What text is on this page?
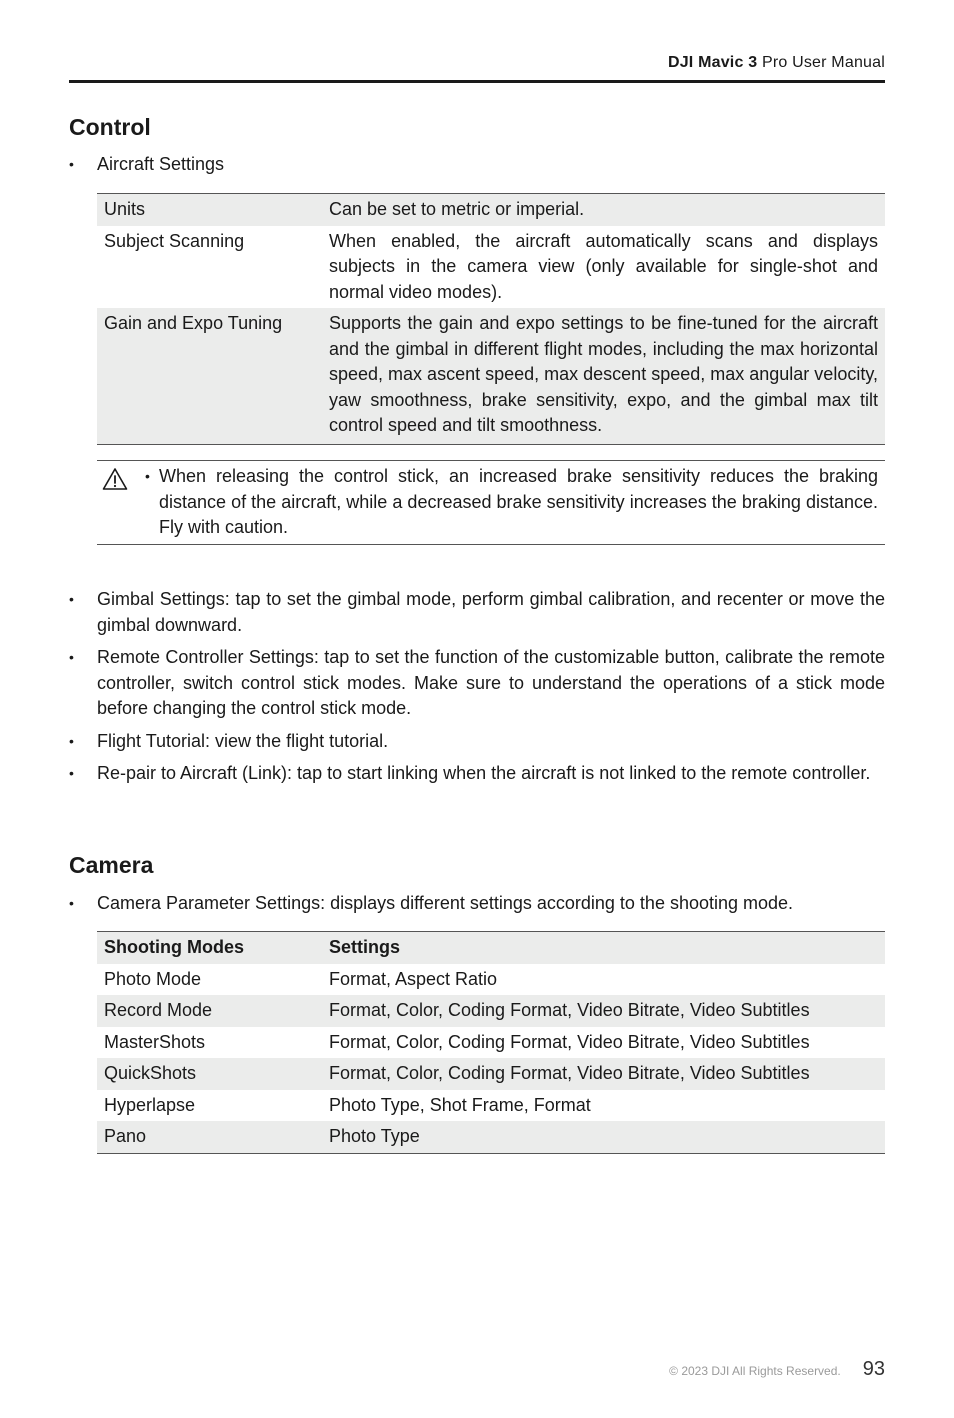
DJI Mavic 3 Pro User Manual
Control
• Aircraft Settings
Units	Can be set to metric or imperial.
Subject Scanning	When enabled, the aircraft automatically scans and displays subjects in the camera view (only available for single-shot and normal video modes).
Gain and Expo Tuning	Supports the gain and expo settings to be fine-tuned for the aircraft and the gimbal in different flight modes, including the max horizontal speed, max ascent speed, max descent speed, max angular velocity, yaw smoothness, brake sensitivity, expo, and the gimbal max tilt control speed and tilt smoothness.
• When releasing the control stick, an increased brake sensitivity reduces the braking distance of the aircraft, while a decreased brake sensitivity increases the braking distance. Fly with caution.
• Gimbal Settings: tap to set the gimbal mode, perform gimbal calibration, and recenter or move the gimbal downward.
• Remote Controller Settings: tap to set the function of the customizable button, calibrate the remote controller, switch control stick modes. Make sure to understand the operations of a stick mode before changing the control stick mode.
• Flight Tutorial: view the flight tutorial.
• Re-pair to Aircraft (Link): tap to start linking when the aircraft is not linked to the remote controller.
Camera
• Camera Parameter Settings: displays different settings according to the shooting mode.
Shooting Modes	Settings
Photo Mode	Format, Aspect Ratio
Record Mode	Format, Color, Coding Format, Video Bitrate, Video Subtitles
MasterShots	Format, Color, Coding Format, Video Bitrate, Video Subtitles
QuickShots	Format, Color, Coding Format, Video Bitrate, Video Subtitles
Hyperlapse	Photo Type, Shot Frame, Format
Pano	Photo Type
© 2023 DJI All Rights Reserved. 93
